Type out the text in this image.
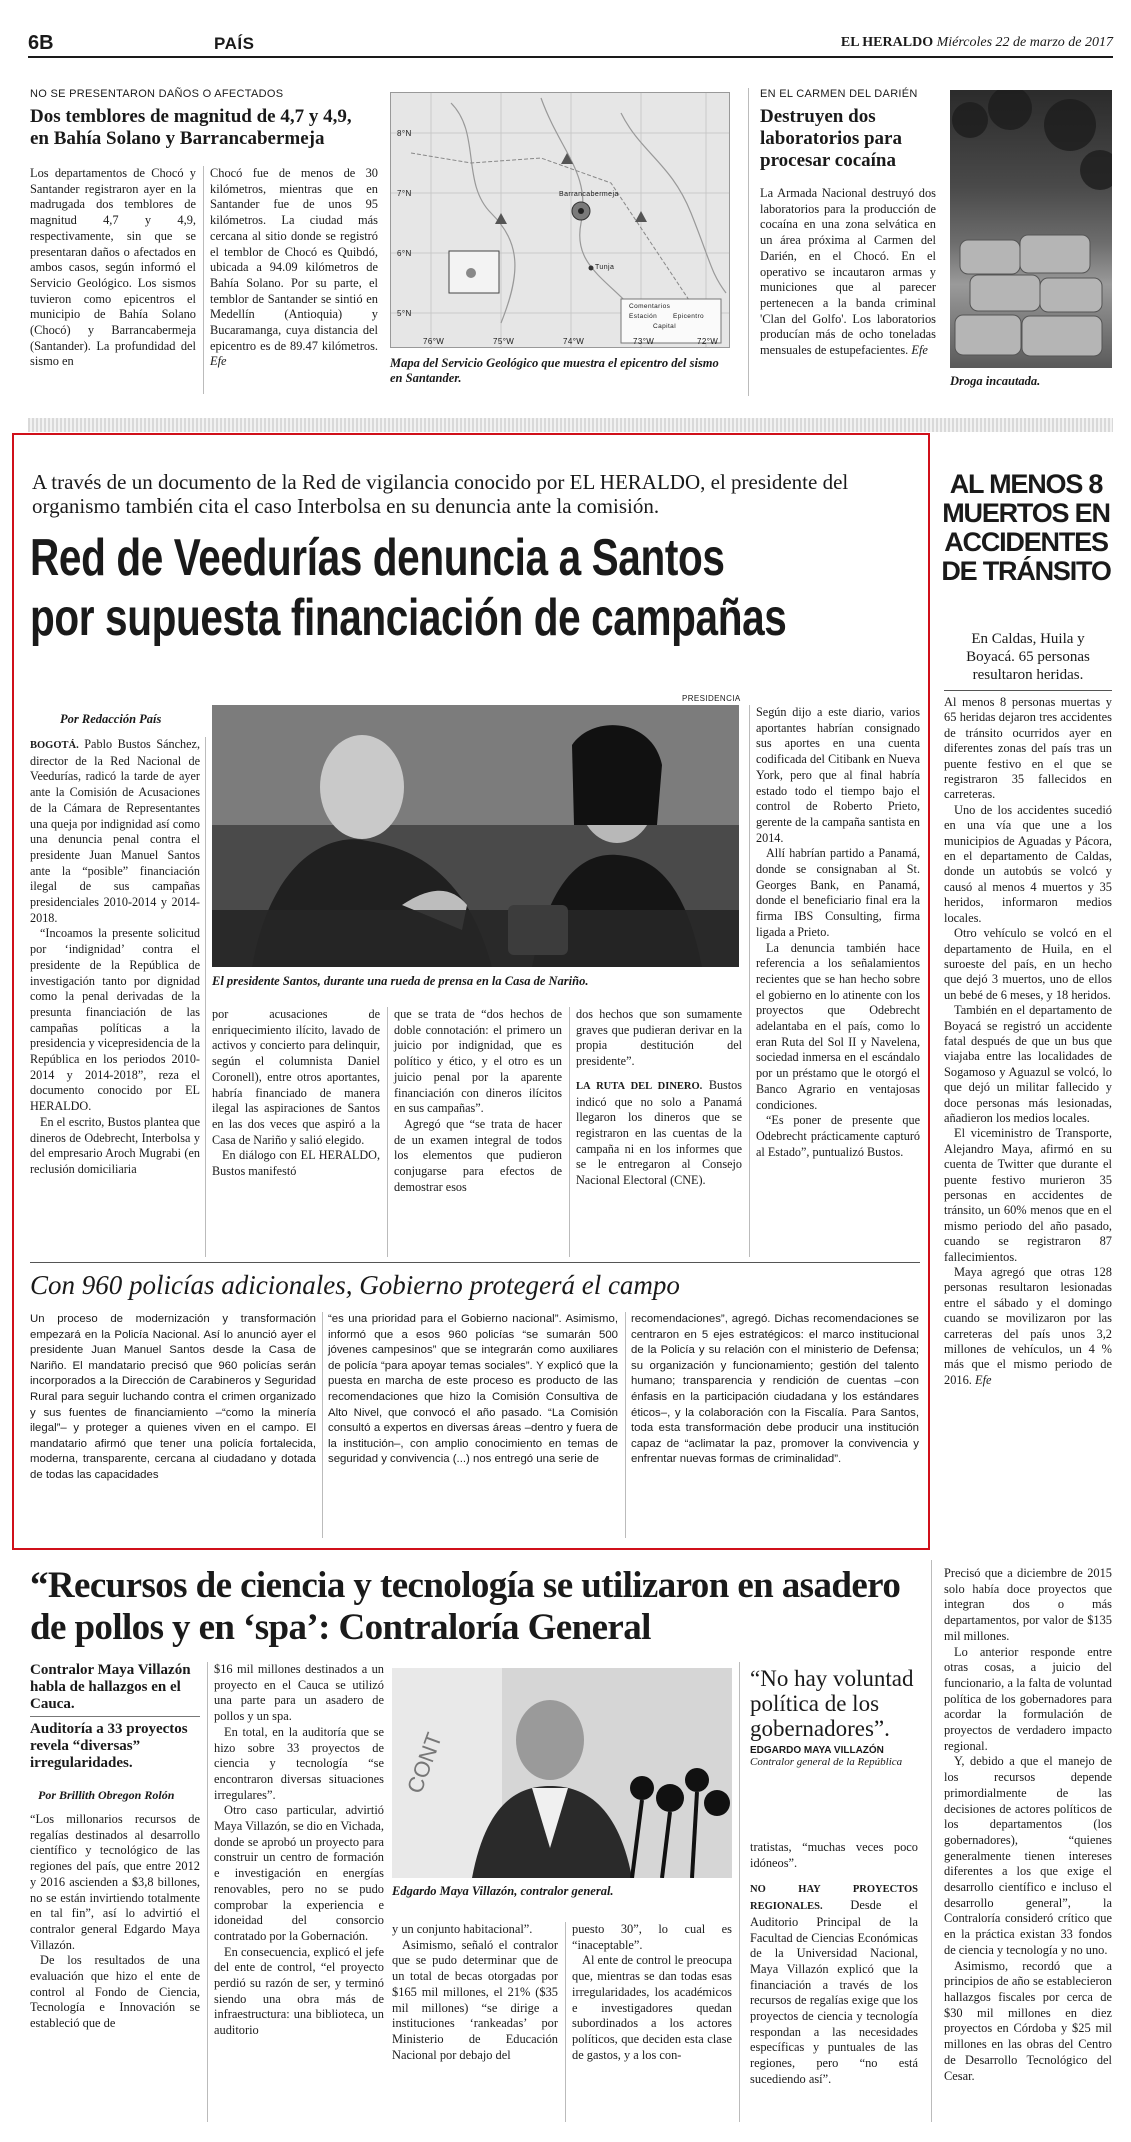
6B	PAÍS	EL HERALDO Miércoles 22 de marzo de 2017
NO SE PRESENTARON DAÑOS O AFECTADOS
Dos temblores de magnitud de 4,7 y 4,9, en Bahía Solano y Barrancabermeja

Los departamentos de Chocó y Santander registraron ayer en la madrugada dos temblores de magnitud 4,7 y 4,9, respectivamente, sin que se presentaran daños o afectados en ambos casos, según informó el Servicio Geológico. Los sismos tuvieron como epicentros el municipio de Bahía Solano (Chocó) y Barrancabermeja (Santander). La profundidad del sismo en

Chocó fue de menos de 30 kilómetros, mientras que en Santander fue de unos 95 kilómetros. La ciudad más cercana al sitio donde se registró el temblor de Chocó es Quibdó, ubicada a 94.09 kilómetros de Bahía Solano. Por su parte, el temblor de Santander se sintió en Medellín (Antioquia) y Bucaramanga, cuya distancia del epicentro es de 89.47 kilómetros. Efe

8°N
7°N
6°N
5°N
76°W	75°W	74°W	73°W	72°W
Barrancabermeja
Tunja
Comentarios
Estación Epicentro
Capital
Mapa del Servicio Geológico que muestra el epicentro del sismo en Santander.
EN EL CARMEN DEL DARIÉN
Destruyen dos laboratorios para procesar cocaína

La Armada Nacional destruyó dos laboratorios para la producción de cocaína en una zona selvática en un área próxima al Carmen del Darién, en el Chocó. En el operativo se incautaron armas y municiones que al parecer pertenecen a la banda criminal 'Clan del Golfo'. Los laboratorios producían más de ocho toneladas mensuales de estupefacientes. Efe

Droga incautada.
A través de un documento de la Red de vigilancia conocido por EL HERALDO, el presidente del organismo también cita el caso Interbolsa en su denuncia ante la comisión.
Red de Veedurías denuncia a Santos
por supuesta financiación de campañas
Por Redacción País
PRESIDENCIA
El presidente Santos, durante una rueda de prensa en la Casa de Nariño.

BOGOTÁ. Pablo Bustos Sánchez, director de la Red Nacional de Veedurías, radicó la tarde de ayer ante la Comisión de Acusaciones de la Cámara de Representantes una queja por indignidad así como una denuncia penal contra el presidente Juan Manuel Santos ante la “posible” financiación ilegal de sus campañas presidenciales 2010-2014 y 2014-2018.

“Incoamos la presente solicitud por ‘indignidad’ contra el presidente de la República de investigación tanto por dignidad como la penal derivadas de la presunta financiación de las campañas políticas a la presidencia y vicepresidencia de la República en los periodos 2010-2014 y 2014-2018”, reza el documento conocido por EL HERALDO.

En el escrito, Bustos plantea que dineros de Odebrecht, Interbolsa y del empresario Aroch Mugrabi (en reclusión domiciliaria

por acusaciones de enriquecimiento ilícito, lavado de activos y concierto para delinquir, según el columnista Daniel Coronell), entre otros aportantes, habría financiado de manera ilegal las aspiraciones de Santos en las dos veces que aspiró a la Casa de Nariño y salió elegido.

En diálogo con EL HERALDO, Bustos manifestó

que se trata de “dos hechos de doble connotación: el primero un juicio por indignidad, que es político y ético, y el otro es un juicio penal por la aparente financiación con dineros ilícitos en sus campañas”.

Agregó que “se trata de hacer de un examen integral de todos los elementos que pudieron conjugarse para efectos de demostrar esos

dos hechos que son sumamente graves que pudieran derivar en la propia destitución del presidente”.

LA RUTA DEL DINERO. Bustos indicó que no solo a Panamá llegaron los dineros que se registraron en las cuentas de la campaña ni en los informes que se le entregaron al Consejo Nacional Electoral (CNE).

Según dijo a este diario, varios aportantes habrían consignado sus aportes en una cuenta codificada del Citibank en Nueva York, pero que al final habría estado todo el tiempo bajo el control de Roberto Prieto, gerente de la campaña santista en 2014.

Allí habrían partido a Panamá, donde se consignaban al St. Georges Bank, en Panamá, donde el beneficiario final era la firma IBS Consulting, firma ligada a Prieto.

La denuncia también hace referencia a los señalamientos recientes que se han hecho sobre el gobierno en lo atinente con los proyectos que Odebrecht adelantaba en el país, como lo eran Ruta del Sol II y Navelena, sociedad inmersa en el escándalo por un préstamo que le otorgó el Banco Agrario en ventajosas condiciones.

“Es poner de presente que Odebrecht prácticamente capturó al Estado”, puntualizó Bustos.

Con 960 policías adicionales, Gobierno protegerá el campo

Un proceso de modernización y transformación empezará en la Policía Nacional. Así lo anunció ayer el presidente Juan Manuel Santos desde la Casa de Nariño. El mandatario precisó que 960 policías serán incorporados a la Dirección de Carabineros y Seguridad Rural para seguir luchando contra el crimen organizado y sus fuentes de financiamiento –“como la minería ilegal”– y proteger a quienes viven en el campo. El mandatario afirmó que tener una policía fortalecida, moderna, transparente, cercana al ciudadano y dotada de todas las capacidades

“es una prioridad para el Gobierno nacional”. Asimismo, informó que a esos 960 policías “se sumarán 500 jóvenes campesinos” que se integrarán como auxiliares de policía “para apoyar temas sociales”. Y explicó que la puesta en marcha de este proceso es producto de las recomendaciones que hizo la Comisión Consultiva de Alto Nivel, que convocó el año pasado. “La Comisión consultó a expertos en diversas áreas –dentro y fuera de la institución–, con amplio conocimiento en temas de seguridad y convivencia (...) nos entregó una serie de

recomendaciones”, agregó. Dichas recomendaciones se centraron en 5 ejes estratégicos: el marco institucional de la Policía y su relación con el ministerio de Defensa; su organización y funcionamiento; gestión del talento humano; transparencia y rendición de cuentas –con énfasis en la participación ciudadana y los estándares éticos–, y la colaboración con la Fiscalía. Para Santos, toda esta transformación debe producir una institución capaz de “aclimatar la paz, promover la convivencia y enfrentar nuevas formas de criminalidad”.

AL MENOS 8 MUERTOS EN ACCIDENTES DE TRÁNSITO
En Caldas, Huila y Boyacá. 65 personas resultaron heridas.

Al menos 8 personas muertas y 65 heridas dejaron tres accidentes de tránsito ocurridos ayer en diferentes zonas del país tras un puente festivo en el que se registraron 35 fallecidos en carreteras.

Uno de los accidentes sucedió en una vía que une a los municipios de Aguadas y Pácora, en el departamento de Caldas, donde un autobús se volcó y causó al menos 4 muertos y 35 heridos, informaron medios locales.

Otro vehículo se volcó en el departamento de Huila, en el suroeste del país, en un hecho que dejó 3 muertos, uno de ellos un bebé de 6 meses, y 18 heridos.

También en el departamento de Boyacá se registró un accidente fatal después de que un bus que viajaba entre las localidades de Sogamoso y Aguazul se volcó, lo que dejó un militar fallecido y doce personas más lesionadas, añadieron los medios locales.

El viceministro de Transporte, Alejandro Maya, afirmó en su cuenta de Twitter que durante el puente festivo murieron 35 personas en accidentes de tránsito, un 60% menos que en el mismo periodo del año pasado, cuando se registraron 87 fallecimientos.

Maya agregó que otras 128 personas resultaron lesionadas entre el sábado y el domingo cuando se movilizaron por las carreteras del país unos 3,2 millones de vehículos, un 4 % más que el mismo periodo de 2016. Efe

“Recursos de ciencia y tecnología se utilizaron en asadero de pollos y en ‘spa’: Contraloría General
Contralor Maya Villazón habla de hallazgos en el Cauca.
Auditoría a 33 proyectos revela “diversas” irregularidades.
Por Brillith Obregon Rolón

“Los millonarios recursos de regalías destinados al desarrollo científico y tecnológico de las regiones del país, que entre 2012 y 2016 ascienden a $3,8 billones, no se están invirtiendo totalmente en tal fin”, así lo advirtió el contralor general Edgardo Maya Villazón.

De los resultados de una evaluación que hizo el ente de control al Fondo de Ciencia, Tecnología e Innovación se estableció que de

$16 mil millones destinados a un proyecto en el Cauca se utilizó una parte para un asadero de pollos y un spa.

En total, en la auditoría que se hizo sobre 33 proyectos de ciencia y tecnología “se encontraron diversas situaciones irregulares”.

Otro caso particular, advirtió Maya Villazón, se dio en Vichada, donde se aprobó un proyecto para construir un centro de formación e investigación en energías renovables, pero no se pudo comprobar la experiencia e idoneidad del consorcio contratado por la Gobernación.

En consecuencia, explicó el jefe del ente de control, “el proyecto perdió su razón de ser, y terminó siendo una obra más de infraestructura: una biblioteca, un auditorio

CONT
Edgardo Maya Villazón, contralor general.

y un conjunto habitacional”.

Asimismo, señaló el contralor que se pudo determinar que de un total de becas otorgadas por $165 mil millones, el 21% ($35 mil millones) “se dirige a instituciones ‘rankeadas’ por Ministerio de Educación Nacional por debajo del

puesto 30”, lo cual es “inaceptable”.

Al ente de control le preocupa que, mientras se dan todas esas irregularidades, los académicos e investigadores quedan subordinados a los actores políticos, que deciden esta clase de gastos, y a los con-

“No hay voluntad política de los gobernadores”.
EDGARDO MAYA VILLAZÓN
Contralor general de la República

tratistas, “muchas veces poco idóneos”.

NO HAY PROYECTOS REGIONALES. Desde el Auditorio Principal de la Facultad de Ciencias Económicas de la Universidad Nacional, Maya Villazón explicó que la financiación a través de los recursos de regalías exige que los proyectos de ciencia y tecnología respondan a las necesidades específicas y puntuales de las regiones, pero “no está sucediendo así”.

Precisó que a diciembre de 2015 solo había doce proyectos que integran dos o más departamentos, por valor de $135 mil millones.

Lo anterior responde entre otras cosas, a juicio del funcionario, a la falta de voluntad política de los gobernadores para acordar la formulación de proyectos de verdadero impacto regional.

Y, debido a que el manejo de los recursos depende primordialmente de las decisiones de actores políticos de los departamentos (los gobernadores), “quienes generalmente tienen intereses diferentes a los que exige el desarrollo científico e incluso el desarrollo general”, la Contraloría consideró crítico que en la práctica existan 33 fondos de ciencia y tecnología y no uno.

Asimismo, recordó que a principios de año se establecieron hallazgos fiscales por cerca de $30 mil millones en diez proyectos en Córdoba y $25 mil millones en las obras del Centro de Desarrollo Tecnológico del Cesar.
